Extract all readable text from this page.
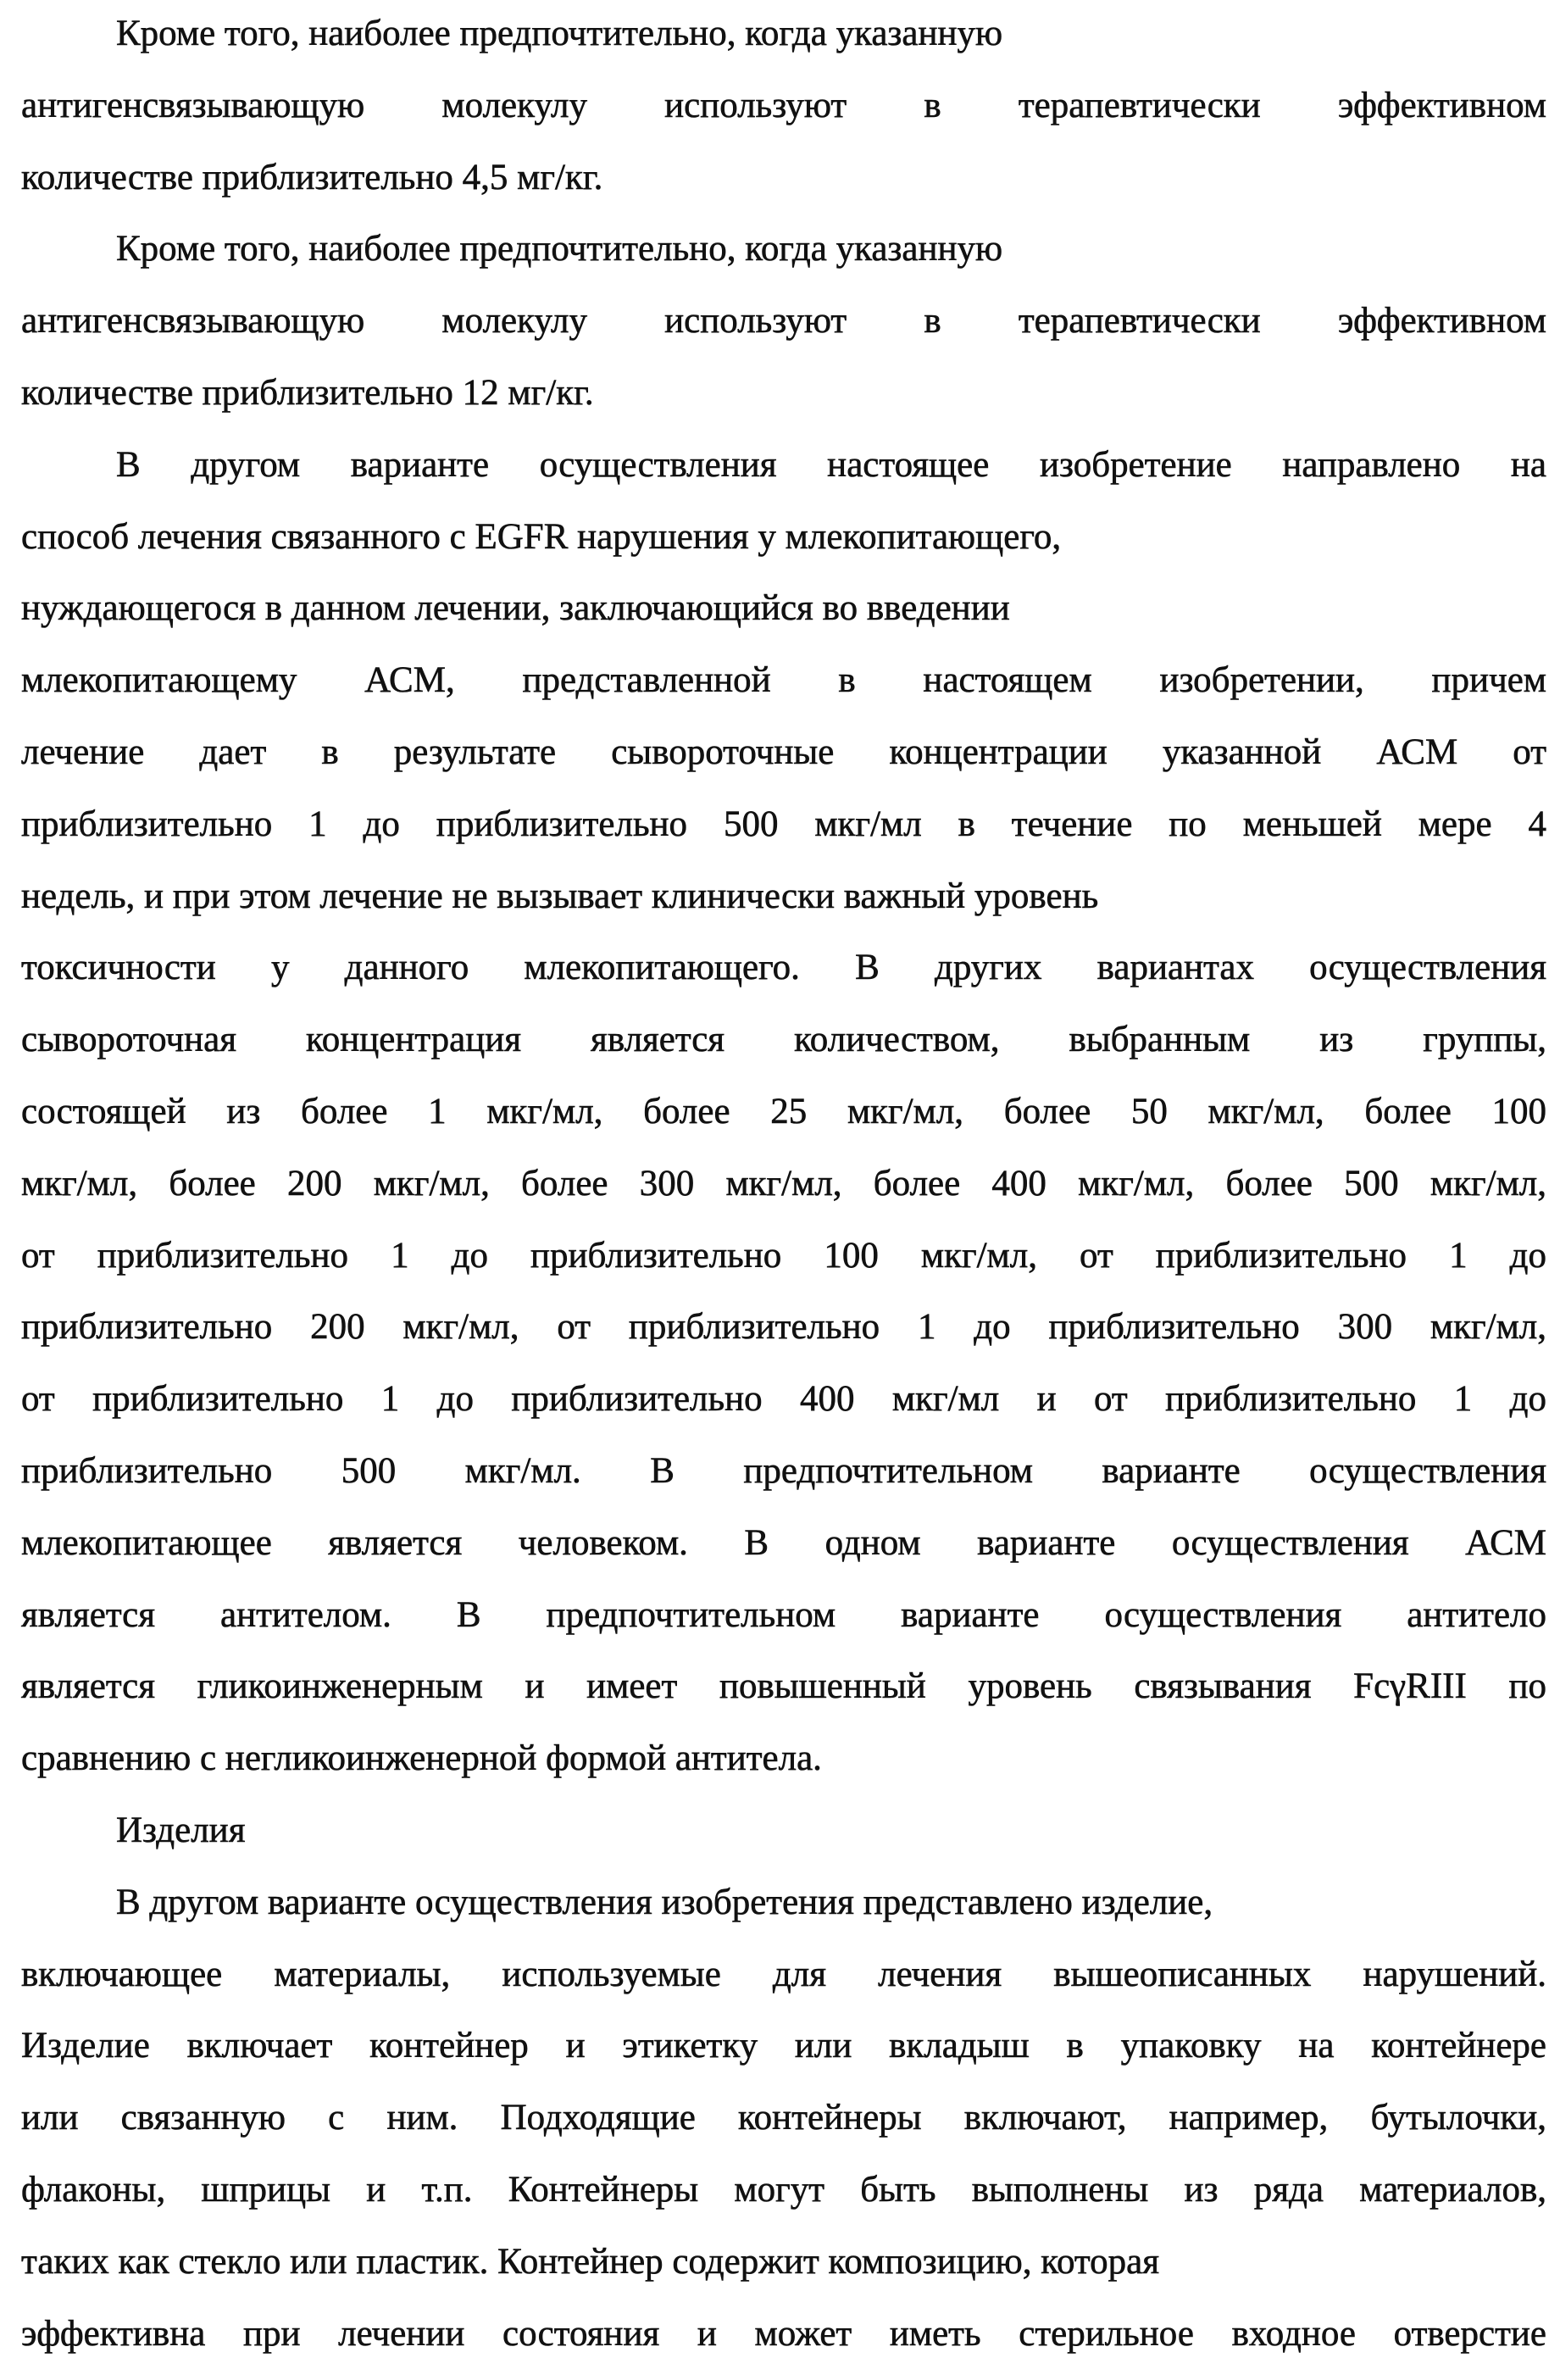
Кроме того, наиболее предпочтительно, когда указанную
антигенсвязывающую молекулу используют в терапевтически эффективном
количестве приблизительно 4,5 мг/кг.
Кроме того, наиболее предпочтительно, когда указанную
антигенсвязывающую молекулу используют в терапевтически эффективном
количестве приблизительно 12 мг/кг.
В другом варианте осуществления настоящее изобретение направлено на
способ лечения связанного с EGFR нарушения у млекопитающего,
нуждающегося в данном лечении, заключающийся во введении
млекопитающему АСМ, представленной в настоящем изобретении, причем
лечение дает в результате сывороточные концентрации указанной АСМ от
приблизительно 1 до приблизительно 500 мкг/мл в течение по меньшей мере 4
недель, и при этом лечение не вызывает клинически важный уровень
токсичности у данного млекопитающего. В других вариантах осуществления
сывороточная концентрация является количеством, выбранным из группы,
состоящей из более 1 мкг/мл, более 25 мкг/мл, более 50 мкг/мл, более 100
мкг/мл, более 200 мкг/мл, более 300 мкг/мл, более 400 мкг/мл, более 500 мкг/мл,
от приблизительно 1 до приблизительно 100 мкг/мл, от приблизительно 1 до
приблизительно 200 мкг/мл, от приблизительно 1 до приблизительно 300 мкг/мл,
от приблизительно 1 до приблизительно 400 мкг/мл и от приблизительно 1 до
приблизительно 500 мкг/мл. В предпочтительном варианте осуществления
млекопитающее является человеком. В одном варианте осуществления АСМ
является антителом. В предпочтительном варианте осуществления антитело
является гликоинженерным и имеет повышенный уровень связывания FcγRIII по
сравнению с негликоинженерной формой антитела.
Изделия
В другом варианте осуществления изобретения представлено изделие,
включающее материалы, используемые для лечения вышеописанных нарушений.
Изделие включает контейнер и этикетку или вкладыш в упаковку на контейнере
или связанную с ним. Подходящие контейнеры включают, например, бутылочки,
флаконы, шприцы и т.п. Контейнеры могут быть выполнены из ряда материалов,
таких как стекло или пластик. Контейнер содержит композицию, которая
эффективна при лечении состояния и может иметь стерильное входное отверстие
